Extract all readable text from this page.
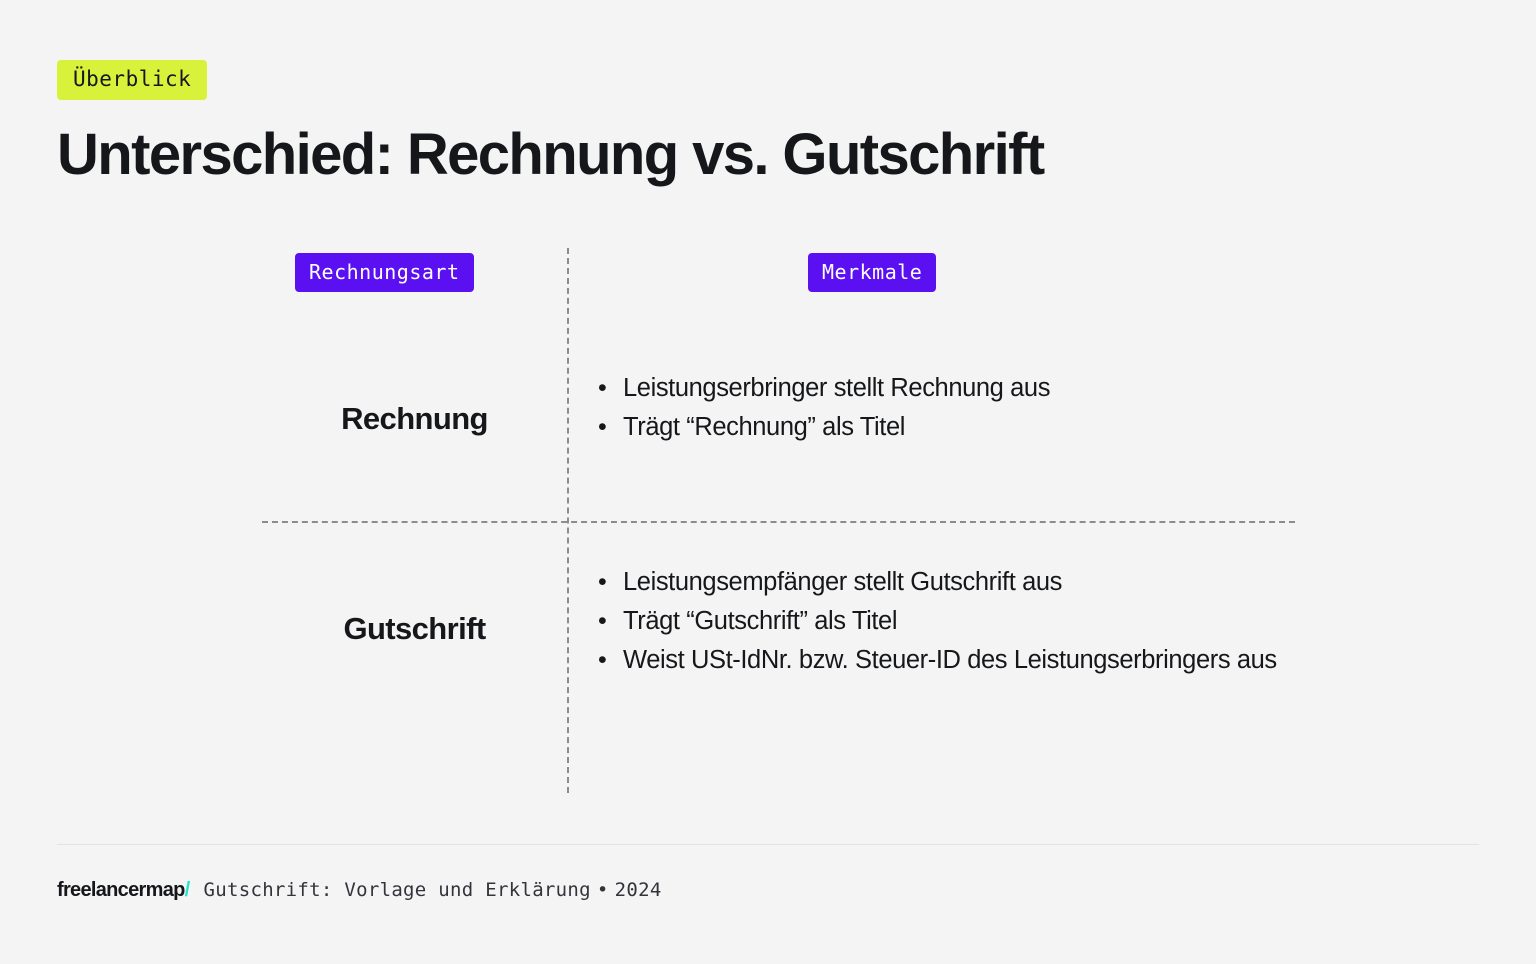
Überblick
Unterschied: Rechnung vs. Gutschrift
Rechnungsart	Merkmale
Rechnung
• Leistungserbringer stellt Rechnung aus
• Trägt “Rechnung” als Titel
Gutschrift
• Leistungsempfänger stellt Gutschrift aus
• Trägt “Gutschrift” als Titel
• Weist USt-IdNr. bzw. Steuer-ID des Leistungserbringers aus
freelancermap/ Gutschrift: Vorlage und Erklärung • 2024
